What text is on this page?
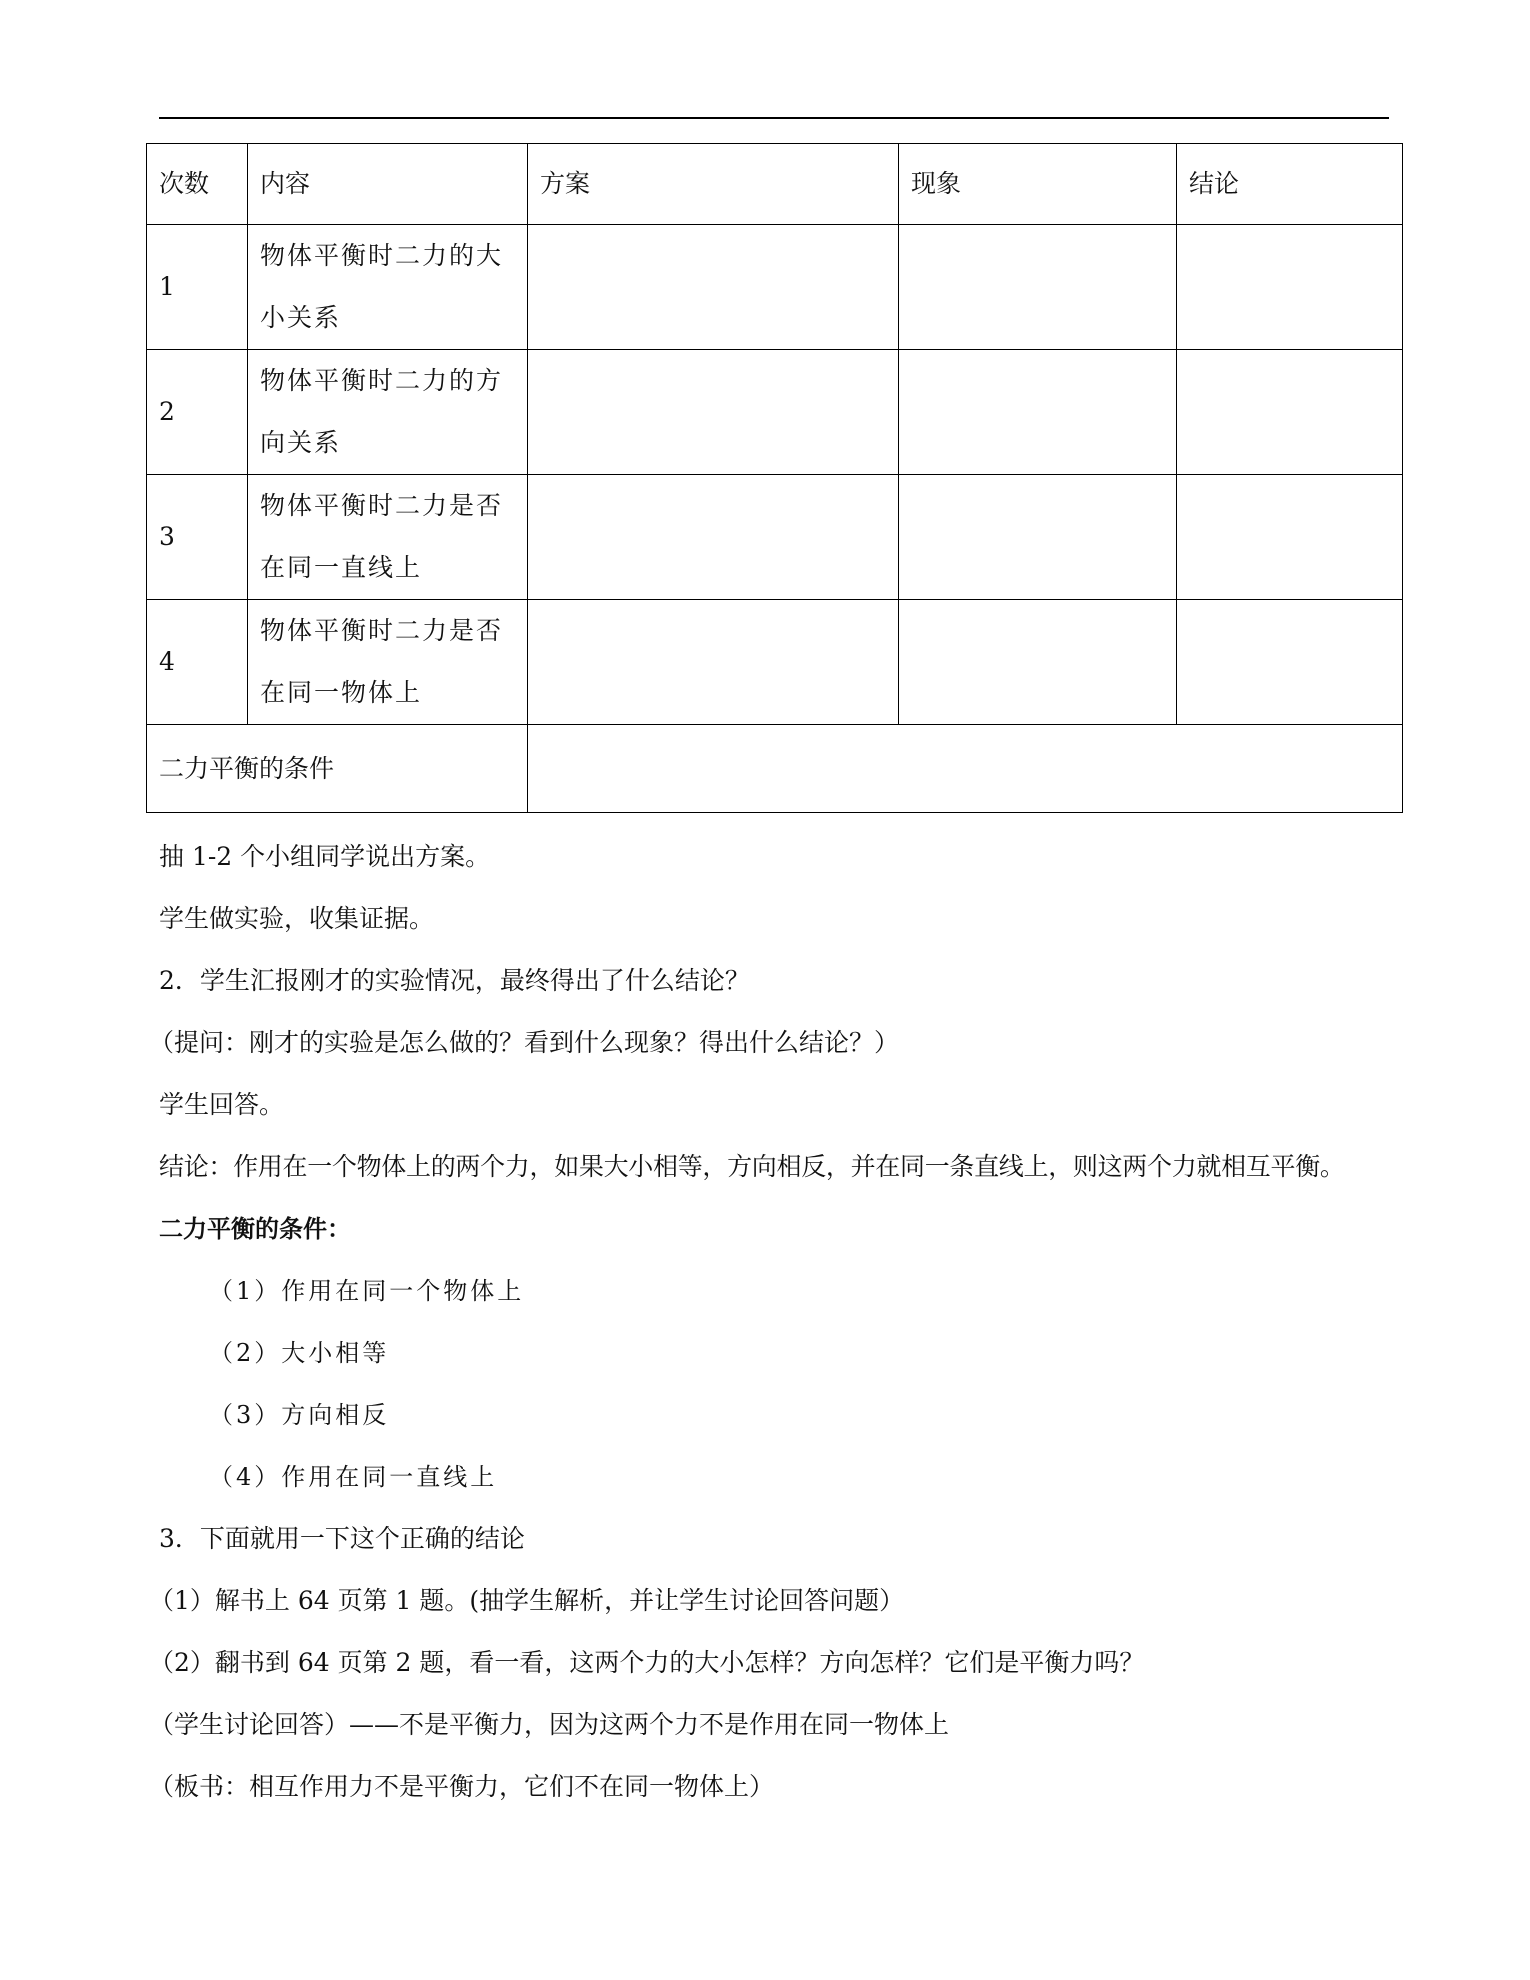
次数	内容	方案	现象	结论
1	物体平衡时二力的大
小关系			
2	物体平衡时二力的方
向关系			
3	物体平衡时二力是否
在同一直线上			
4	物体平衡时二力是否
在同一物体上			
二力平衡的条件				

抽 1-2 个小组同学说出方案。

学生做实验，收集证据。

2．学生汇报刚才的实验情况，最终得出了什么结论？

（提问：刚才的实验是怎么做的？看到什么现象？得出什么结论？）

学生回答。

结论：作用在一个物体上的两个力，如果大小相等，方向相反，并在同一条直线上，则这两个力就相互平衡。

二力平衡的条件：

（1）作用在同一个物体上

（2）大小相等

（3）方向相反

（4）作用在同一直线上

3．下面就用一下这个正确的结论

（1）解书上 64 页第 1 题。(抽学生解析，并让学生讨论回答问题）

（2）翻书到 64 页第 2 题，看一看，这两个力的大小怎样？方向怎样？它们是平衡力吗？

（学生讨论回答）——不是平衡力，因为这两个力不是作用在同一物体上

（板书：相互作用力不是平衡力，它们不在同一物体上）
